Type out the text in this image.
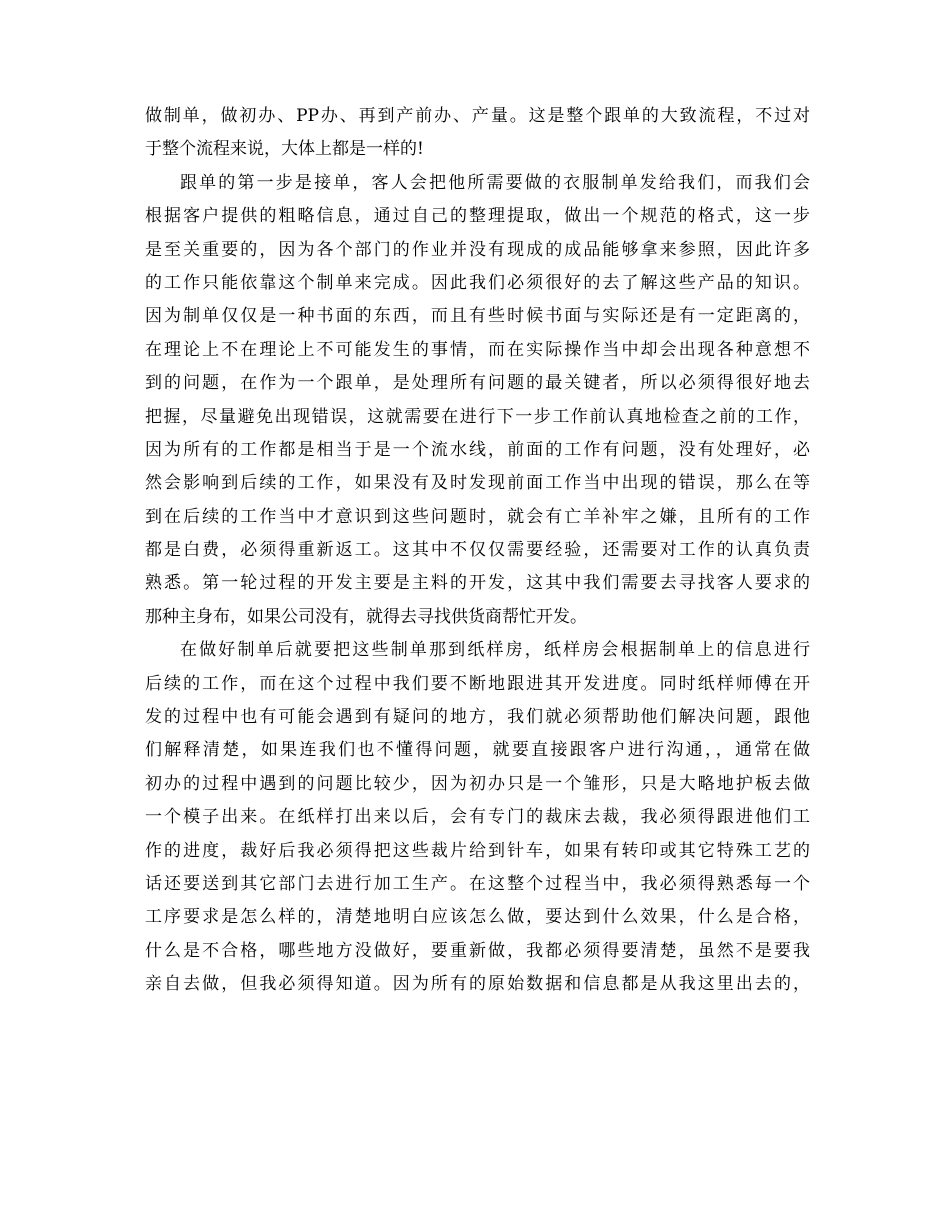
做制单，做初办、PP办、再到产前办、产量。这是整个跟单的大致流程，不过对
于整个流程来说，大体上都是一样的!
跟单的第一步是接单，客人会把他所需要做的衣服制单发给我们，而我们会
根据客户提供的粗略信息，通过自己的整理提取，做出一个规范的格式，这一步
是至关重要的，因为各个部门的作业并没有现成的成品能够拿来参照，因此许多
的工作只能依靠这个制单来完成。因此我们必须很好的去了解这些产品的知识。
因为制单仅仅是一种书面的东西，而且有些时候书面与实际还是有一定距离的，
在理论上不在理论上不可能发生的事情，而在实际操作当中却会出现各种意想不
到的问题，在作为一个跟单，是处理所有问题的最关键者，所以必须得很好地去
把握，尽量避免出现错误，这就需要在进行下一步工作前认真地检查之前的工作，
因为所有的工作都是相当于是一个流水线，前面的工作有问题，没有处理好，必
然会影响到后续的工作，如果没有及时发现前面工作当中出现的错误，那么在等
到在后续的工作当中才意识到这些问题时，就会有亡羊补牢之嫌，且所有的工作
都是白费，必须得重新返工。这其中不仅仅需要经验，还需要对工作的认真负责
熟悉。第一轮过程的开发主要是主料的开发，这其中我们需要去寻找客人要求的
那种主身布，如果公司没有，就得去寻找供货商帮忙开发。
在做好制单后就要把这些制单那到纸样房，纸样房会根据制单上的信息进行
后续的工作，而在这个过程中我们要不断地跟进其开发进度。同时纸样师傅在开
发的过程中也有可能会遇到有疑问的地方，我们就必须帮助他们解决问题，跟他
们解释清楚，如果连我们也不懂得问题，就要直接跟客户进行沟通，，通常在做
初办的过程中遇到的问题比较少，因为初办只是一个雏形，只是大略地护板去做
一个模子出来。在纸样打出来以后，会有专门的裁床去裁，我必须得跟进他们工
作的进度，裁好后我必须得把这些裁片给到针车，如果有转印或其它特殊工艺的
话还要送到其它部门去进行加工生产。在这整个过程当中，我必须得熟悉每一个
工序要求是怎么样的，清楚地明白应该怎么做，要达到什么效果，什么是合格，
什么是不合格，哪些地方没做好，要重新做，我都必须得要清楚，虽然不是要我
亲自去做，但我必须得知道。因为所有的原始数据和信息都是从我这里出去的，
